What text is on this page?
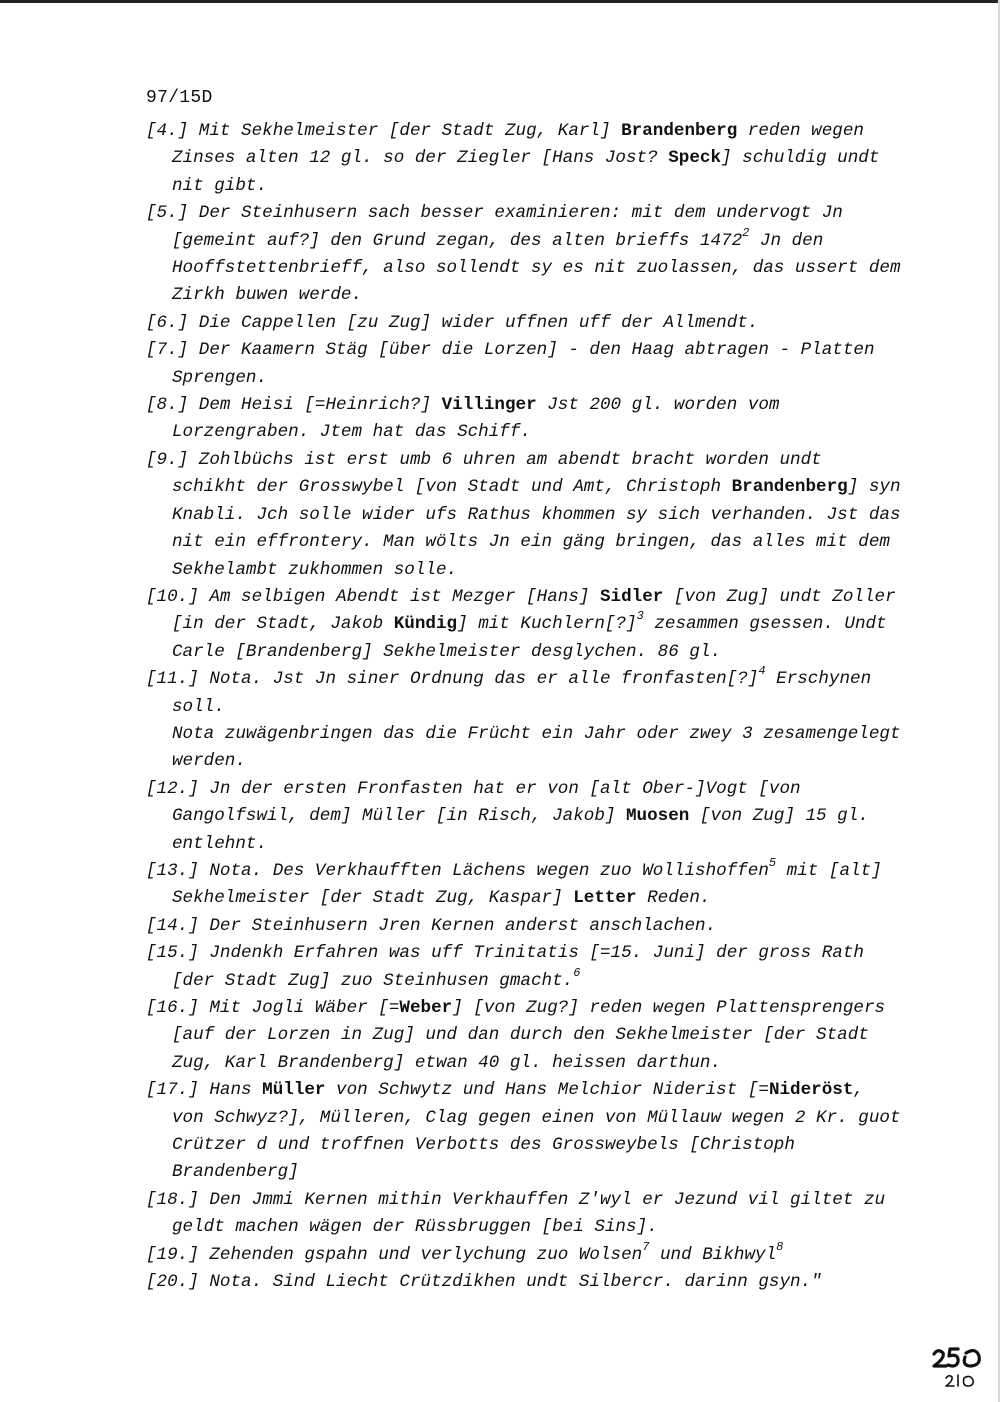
97/15D

[4.] Mit Sekhelmeister [der Stadt Zug, Karl] Brandenberg reden wegen Zinses alten 12 gl. so der Ziegler [Hans Jost? Speck] schuldig undt nit gibt.

[5.] Der Steinhusern sach besser examinieren: mit dem undervogt Jn [gemeint auf?] den Grund zegan, des alten brieffs 1472$^2$ Jn den Hooffstettenbrieff, also sollendt sy es nit zuolassen, das ussert dem Zirkh buwen werde.

[6.] Die Cappellen [zu Zug] wider uffnen uff der Allmendt.

[7.] Der Kaamern Stäg [über die Lorzen] - den Haag abtragen - Platten Sprengen.

[8.] Dem Heisi [=Heinrich?] Villinger Jst 200 gl. worden vom Lorzengraben. Jtem hat das Schiff.

[9.] Zohlbüchs ist erst umb 6 uhren am abendt bracht worden undt schikht der Grosswybel [von Stadt und Amt, Christoph Brandenberg] syn Knabli. Jch solle wider ufs Rathus khommen sy sich verhanden. Jst das nit ein effrontery. Man wölts Jn ein gäng bringen, das alles mit dem Sekhelambt zukhommen solle.

[10.] Am selbigen Abendt ist Mezger [Hans] Sidler [von Zug] undt Zoller [in der Stadt, Jakob Kündig] mit Kuchlern[?]$^3$ zesammen gsessen. Undt Carle [Brandenberg] Sekhelmeister desglychen. 86 gl.

[11.] Nota. Jst Jn siner Ordnung das er alle fronfasten[?]$^4$ Erschynen soll.

Nota zuwägenbringen das die Frücht ein Jahr oder zwey 3 zesamengelegt werden.

[12.] Jn der ersten Fronfasten hat er von [alt Ober-]Vogt [von Gangolfswil, dem] Müller [in Risch, Jakob] Muosen [von Zug] 15 gl. entlehnt.

[13.] Nota. Des Verkhaufften Lächens wegen zuo Wollishoffen$^5$ mit [alt] Sekhelmeister [der Stadt Zug, Kaspar] Letter Reden.

[14.] Der Steinhusern Jren Kernen anderst anschlachen.

[15.] Jndenkh Erfahren was uff Trinitatis [=15. Juni] der gross Rath [der Stadt Zug] zuo Steinhusen gmacht.$^6$

[16.] Mit Jogli Wäber [=Weber] [von Zug?] reden wegen Plattensprengers [auf der Lorzen in Zug] und dan durch den Sekhelmeister [der Stadt Zug, Karl Brandenberg] etwan 40 gl. heissen darthun.

[17.] Hans Müller von Schwytz und Hans Melchior Niderist [=Nideröst, von Schwyz?], Mülleren, Clag gegen einen von Müllauw wegen 2 Kr. guot Crützer d und troffnen Verbotts des Grossweybels [Christoph Brandenberg]

[18.] Den Jmmi Kernen mithin Verkhauffen Z'wyl er Jezund vil giltet zu geldt machen wägen der Rüssbruggen [bei Sins].

[19.] Zehenden gspahn und verlychung zuo Wolsen$^7$ und Bikhwyl$^8$

[20.] Nota. Sind Liecht Crützdikhen undt Silbercr. darinn gsyn."
